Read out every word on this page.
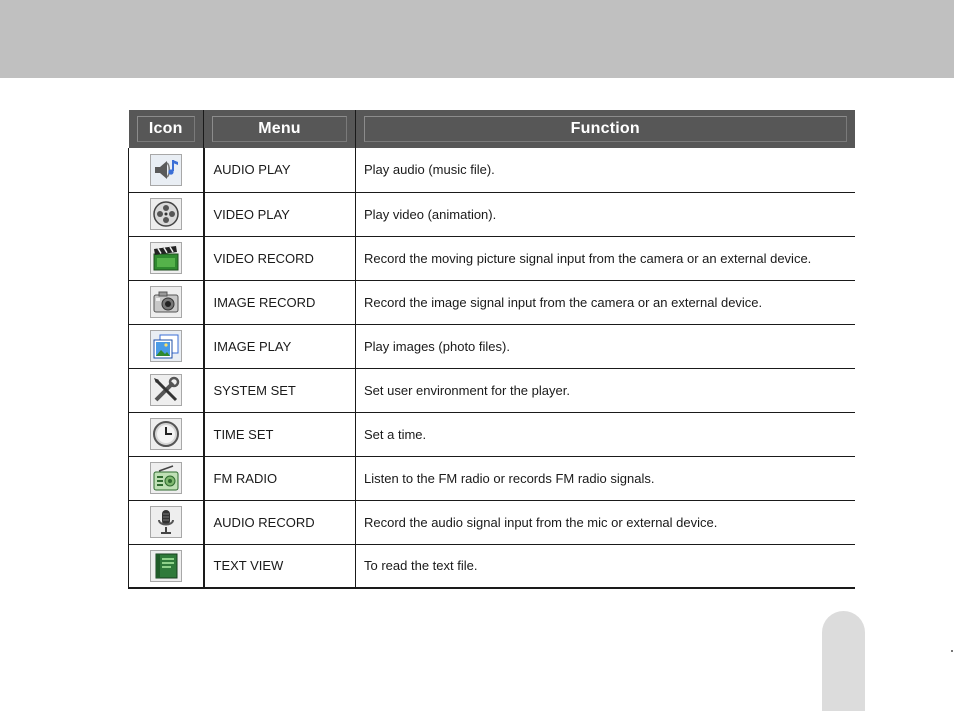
Icon	Menu	Function

	AUDIO PLAY	Play audio (music file).

	VIDEO PLAY	Play video (animation).

	VIDEO RECORD	Record the moving picture signal input from the camera or an external device.

	IMAGE RECORD	Record the image signal input from the camera or an external device.

	IMAGE PLAY	Play images (photo files).

	SYSTEM SET	Set user environment for the player.

	TIME SET	Set a time.

	FM RADIO	Listen to the FM radio or records FM radio signals.

	AUDIO RECORD	Record the audio signal input from the mic or external device.

	TEXT VIEW	To read the text file.
